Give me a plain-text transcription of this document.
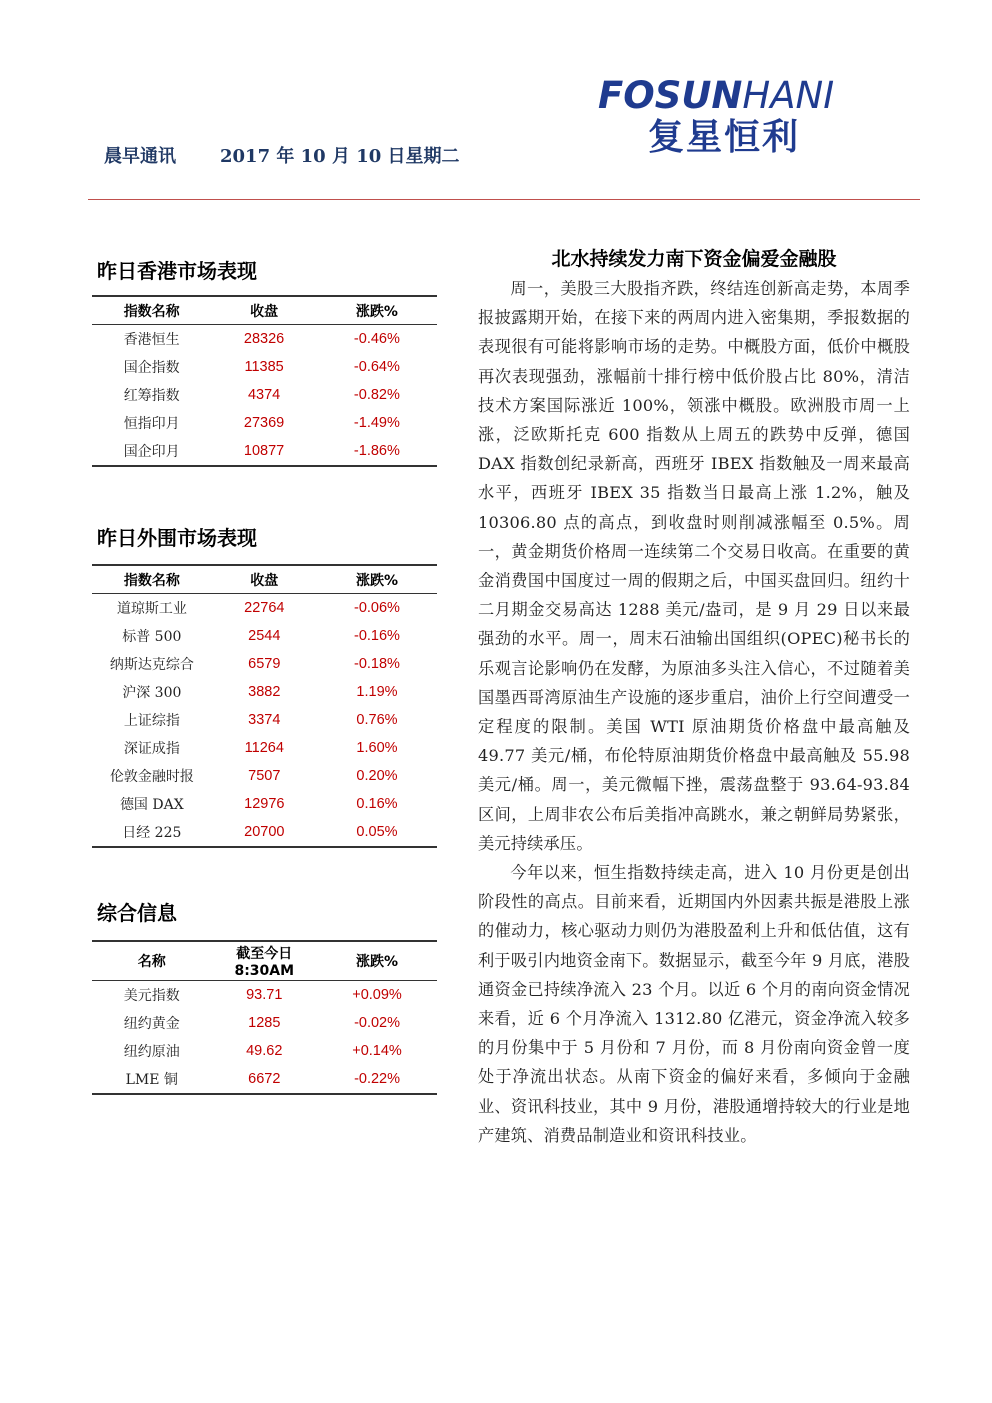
晨早通讯 2017 年 10 月 10 日星期二
FOSUNHANI
复星恒利
昨日香港市场表现
指数名称	收盘	涨跌%
香港恒生	28326	-0.46%
国企指数	11385	-0.64%
红筹指数	4374	-0.82%
恒指印月	27369	-1.49%
国企印月	10877	-1.86%
昨日外围市场表现
指数名称	收盘	涨跌%
道琼斯工业	22764	-0.06%
标普 500	2544	-0.16%
纳斯达克综合	6579	-0.18%
沪深 300	3882	1.19%
上证综指	3374	0.76%
深证成指	11264	1.60%
伦敦金融时报	7507	0.20%
德国 DAX	12976	0.16%
日经 225	20700	0.05%
综合信息
名称	截至今日 8:30AM	涨跌%
美元指数	93.71	+0.09%
纽约黄金	1285	-0.02%
纽约原油	49.62	+0.14%
LME 铜	6672	-0.22%
北水持续发力南下资金偏爱金融股

周一，美股三大股指齐跌，终结连创新高走势，本周季报披露期开始，在接下来的两周内进入密集期，季报数据的表现很有可能将影响市场的走势。中概股方面，低价中概股再次表现强劲，涨幅前十排行榜中低价股占比 80%，清洁技术方案国际涨近 100%，领涨中概股。欧洲股市周一上涨，泛欧斯托克 600 指数从上周五的跌势中反弹，德国 DAX 指数创纪录新高，西班牙 IBEX 指数触及一周来最高水平，西班牙 IBEX 35 指数当日最高上涨 1.2%，触及 10306.80 点的高点，到收盘时则削减涨幅至 0.5%。周一，黄金期货价格周一连续第二个交易日收高。在重要的黄金消费国中国度过一周的假期之后，中国买盘回归。纽约十二月期金交易高达 1288 美元/盎司，是 9 月 29 日以来最强劲的水平。周一，周末石油输出国组织(OPEC)秘书长的乐观言论影响仍在发酵，为原油多头注入信心，不过随着美国墨西哥湾原油生产设施的逐步重启，油价上行空间遭受一定程度的限制。美国 WTI 原油期货价格盘中最高触及 49.77 美元/桶，布伦特原油期货价格盘中最高触及 55.98 美元/桶。周一，美元微幅下挫，震荡盘整于 93.64-93.84 区间，上周非农公布后美指冲高跳水，兼之朝鲜局势紧张，美元持续承压。

今年以来，恒生指数持续走高，进入 10 月份更是创出阶段性的高点。目前来看，近期国内外因素共振是港股上涨的催动力，核心驱动力则仍为港股盈利上升和低估值，这有利于吸引内地资金南下。数据显示，截至今年 9 月底，港股通资金已持续净流入 23 个月。以近 6 个月的南向资金情况来看，近 6 个月净流入 1312.80 亿港元，资金净流入较多的月份集中于 5 月份和 7 月份，而 8 月份南向资金曾一度处于净流出状态。从南下资金的偏好来看，多倾向于金融业、资讯科技业，其中 9 月份，港股通增持较大的行业是地产建筑、消费品制造业和资讯科技业。
